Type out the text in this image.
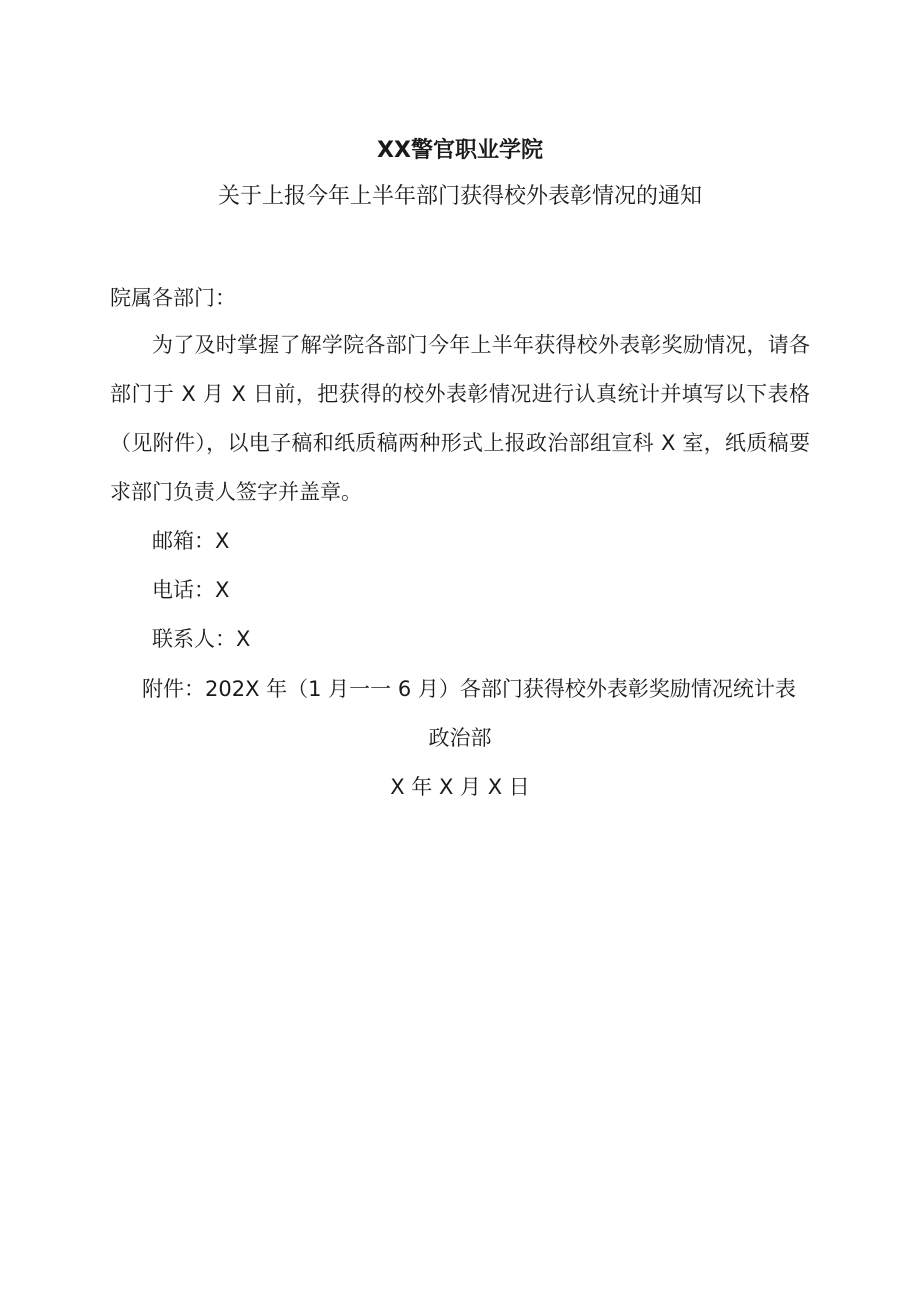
XX警官职业学院
关于上报今年上半年部门获得校外表彰情况的通知
院属各部门：
为了及时掌握了解学院各部门今年上半年获得校外表彰奖励情况，请各
部门于 X 月 X 日前，把获得的校外表彰情况进行认真统计并填写以下表格
（见附件），以电子稿和纸质稿两种形式上报政治部组宣科 X 室，纸质稿要
求部门负责人签字并盖章。
邮箱：X
电话：X
联系人：X
附件：202X 年（1 月一一 6 月）各部门获得校外表彰奖励情况统计表
政治部
X 年 X 月 X 日
